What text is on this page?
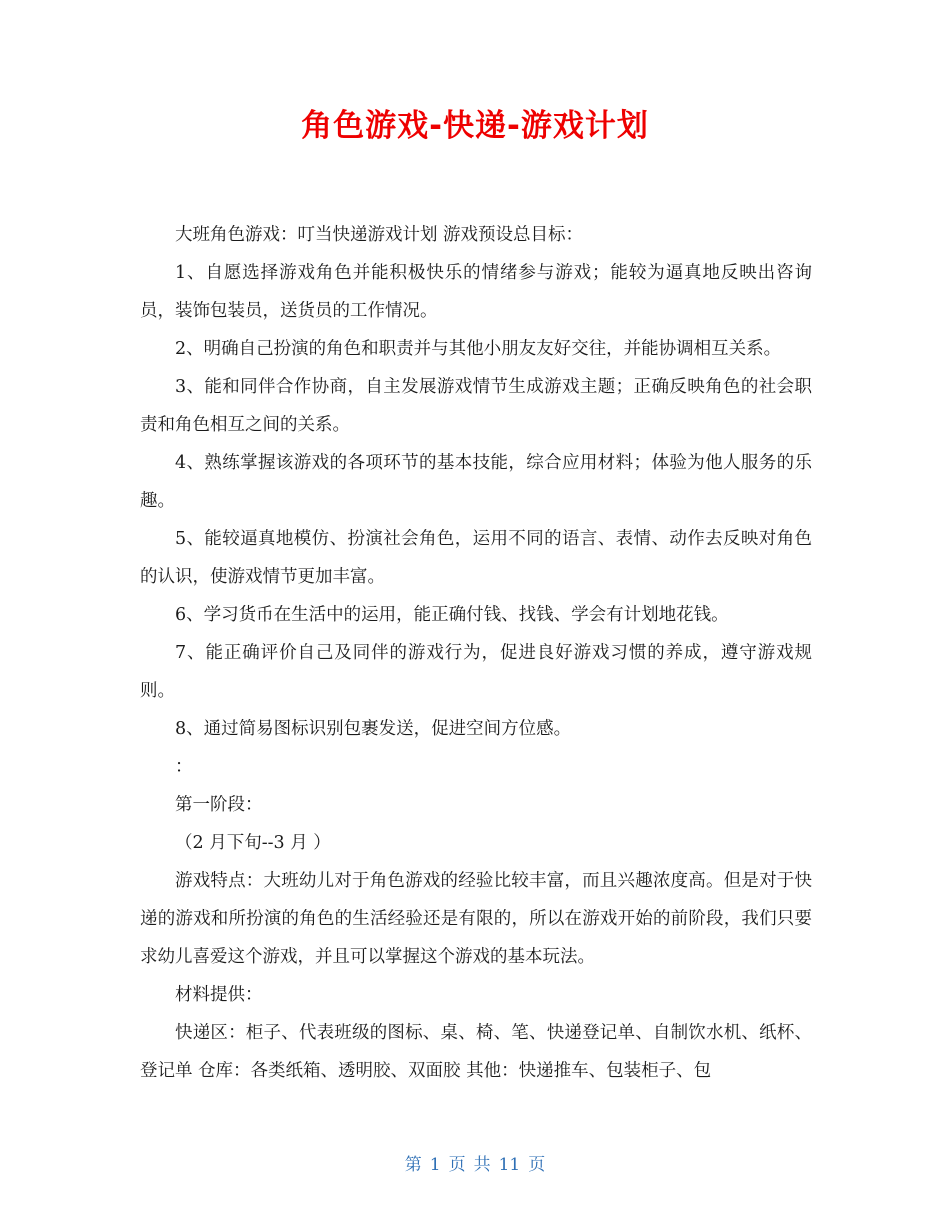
角色游戏-快递-游戏计划

大班角色游戏：叮当快递游戏计划 游戏预设总目标：

1、自愿选择游戏角色并能积极快乐的情绪参与游戏；能较为逼真地反映出咨询员，装饰包装员，送货员的工作情况。

2、明确自己扮演的角色和职责并与其他小朋友友好交往，并能协调相互关系。

3、能和同伴合作协商，自主发展游戏情节生成游戏主题；正确反映角色的社会职责和角色相互之间的关系。

4、熟练掌握该游戏的各项环节的基本技能，综合应用材料；体验为他人服务的乐趣。

5、能较逼真地模仿、扮演社会角色，运用不同的语言、表情、动作去反映对角色的认识，使游戏情节更加丰富。

6、学习货币在生活中的运用，能正确付钱、找钱、学会有计划地花钱。

7、能正确评价自己及同伴的游戏行为，促进良好游戏习惯的养成，遵守游戏规则。

8、通过简易图标识别包裹发送，促进空间方位感。

：

第一阶段：

（2 月下旬--3 月 ）

游戏特点：大班幼儿对于角色游戏的经验比较丰富，而且兴趣浓度高。但是对于快递的游戏和所扮演的角色的生活经验还是有限的，所以在游戏开始的前阶段，我们只要求幼儿喜爱这个游戏，并且可以掌握这个游戏的基本玩法。

材料提供：

快递区：柜子、代表班级的图标、桌、椅、笔、快递登记单、自制饮水机、纸杯、登记单 仓库：各类纸箱、透明胶、双面胶 其他：快递推车、包装柜子、包

第 1 页 共 11 页
